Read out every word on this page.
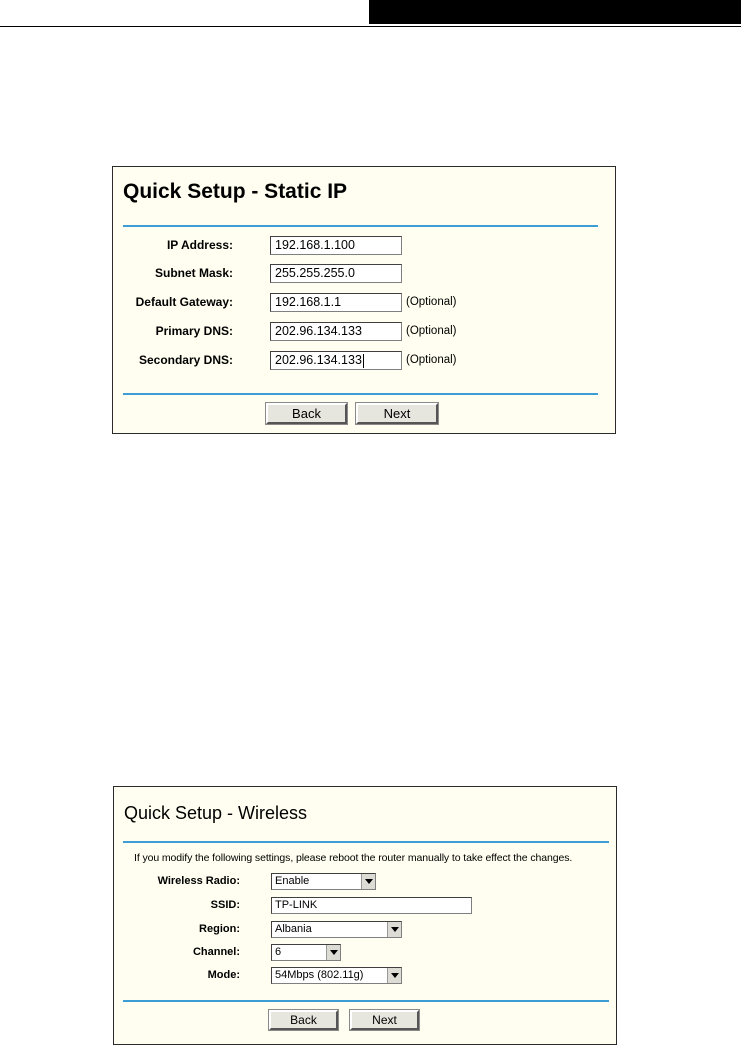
Quick Setup - Static IP
IP Address:	192.168.1.100
Subnet Mask:	255.255.255.0
Default Gateway:	192.168.1.1	(Optional)
Primary DNS:	202.96.134.133	(Optional)
Secondary DNS:	202.96.134.133	(Optional)
Back	Next
Quick Setup - Wireless
If you modify the following settings, please reboot the router manually to take effect the changes.
Wireless Radio:	Enable
SSID:	TP-LINK
Region:	Albania
Channel:	6
Mode:	54Mbps (802.11g)
Back	Next
